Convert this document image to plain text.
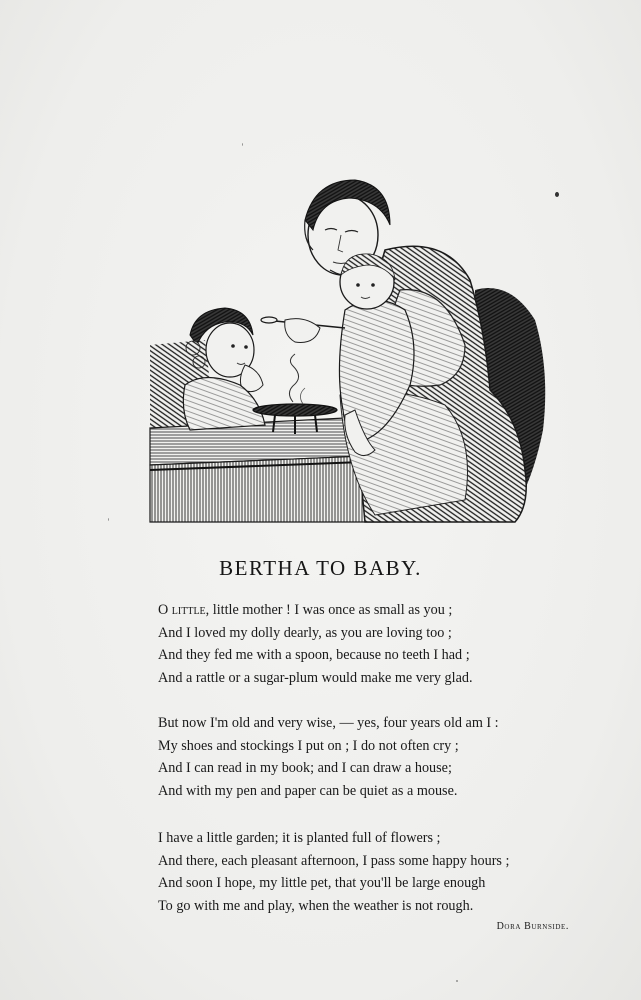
BERTHA TO BABY.
O little, little mother ! I was once as small as you ;
And I loved my dolly dearly, as you are loving too ;
And they fed me with a spoon, because no teeth I had ;
And a rattle or a sugar-plum would make me very glad.
But now I'm old and very wise, — yes, four years old am I :
My shoes and stockings I put on ; I do not often cry ;
And I can read in my book; and I can draw a house;
And with my pen and paper can be quiet as a mouse.
I have a little garden; it is planted full of flowers ;
And there, each pleasant afternoon, I pass some happy hours ;
And soon I hope, my little pet, that you'll be large enough
To go with me and play, when the weather is not rough.
Dora Burnside.
